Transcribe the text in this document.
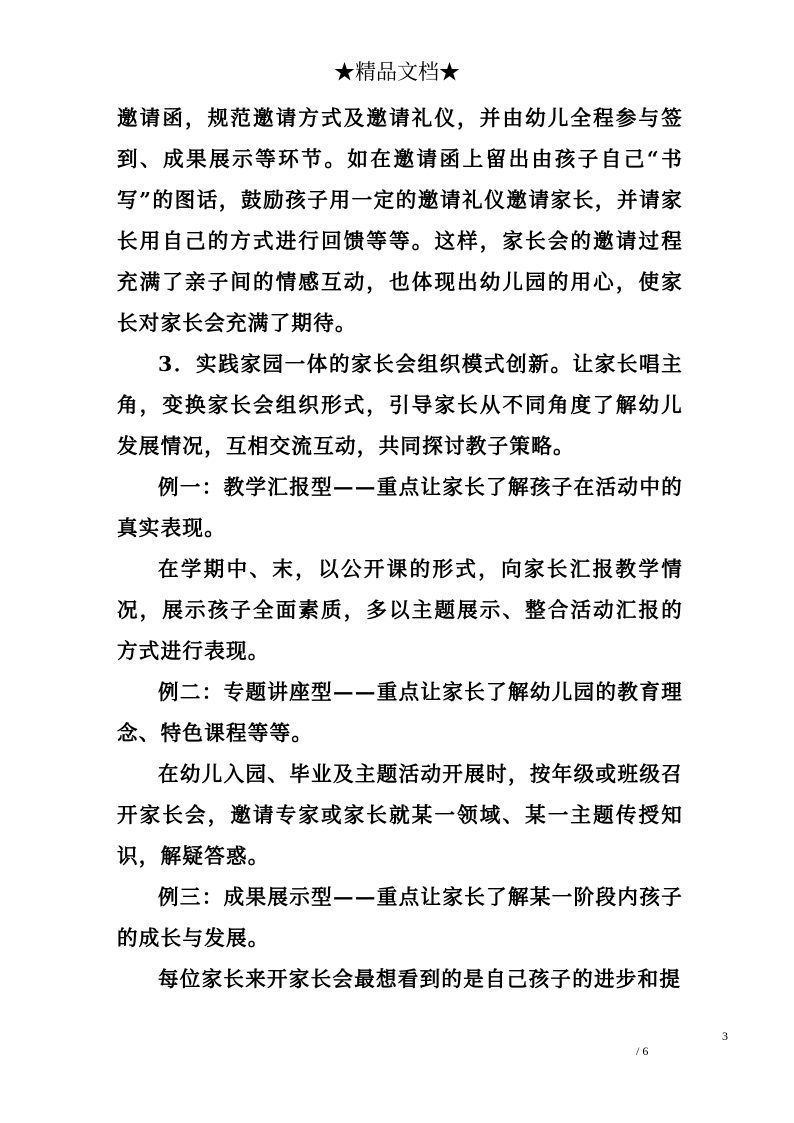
★精品文档★

邀请函，规范邀请方式及邀请礼仪，并由幼儿全程参与签到、成果展示等环节。如在邀请函上留出由孩子自己“书写”的图话，鼓励孩子用一定的邀请礼仪邀请家长，并请家长用自己的方式进行回馈等等。这样，家长会的邀请过程充满了亲子间的情感互动，也体现出幼儿园的用心，使家长对家长会充满了期待。

3．实践家园一体的家长会组织模式创新。让家长唱主角，变换家长会组织形式，引导家长从不同角度了解幼儿发展情况，互相交流互动，共同探讨教子策略。

例一：教学汇报型——重点让家长了解孩子在活动中的真实表现。

在学期中、末，以公开课的形式，向家长汇报教学情况，展示孩子全面素质，多以主题展示、整合活动汇报的方式进行表现。

例二：专题讲座型——重点让家长了解幼儿园的教育理念、特色课程等等。

在幼儿入园、毕业及主题活动开展时，按年级或班级召开家长会，邀请专家或家长就某一领域、某一主题传授知识，解疑答惑。

例三：成果展示型——重点让家长了解某一阶段内孩子的成长与发展。

每位家长来开家长会最想看到的是自己孩子的进步和提

3
/ 6
